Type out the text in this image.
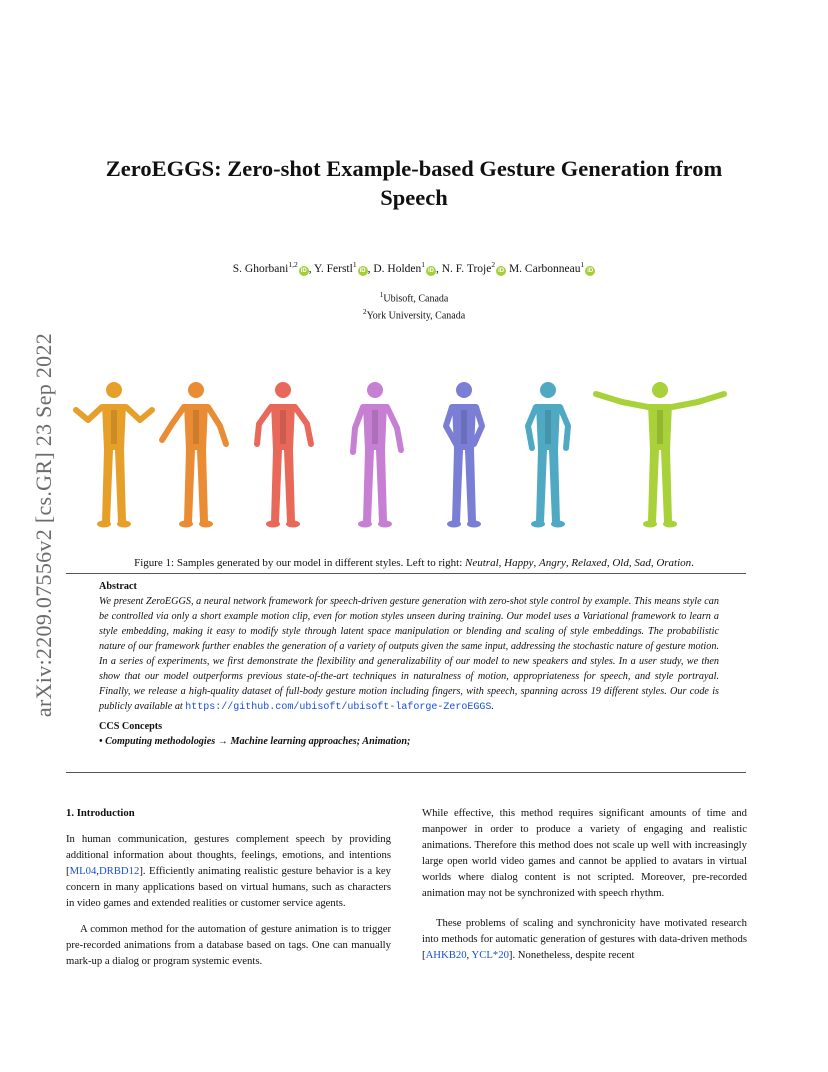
arXiv:2209.07556v2 [cs.GR] 23 Sep 2022
ZeroEGGS: Zero-shot Example-based Gesture Generation from Speech
S. Ghorbani$^{1,2}$iD , Y. Ferstl$^1$iD , D. Holden$^1$iD , N. F. Troje$^2$iD M. Carbonneau$^1$iD
$^1$Ubisoft, Canada
$^2$York University, Canada
Figure 1: Samples generated by our model in different styles. Left to right: Neutral, Happy, Angry, Relaxed, Old, Sad, Oration.
Abstract
We present ZeroEGGS, a neural network framework for speech-driven gesture generation with zero-shot style control by example. This means style can be controlled via only a short example motion clip, even for motion styles unseen during training. Our model uses a Variational framework to learn a style embedding, making it easy to modify style through latent space manipulation or blending and scaling of style embeddings. The probabilistic nature of our framework further enables the generation of a variety of outputs given the same input, addressing the stochastic nature of gesture motion. In a series of experiments, we first demonstrate the flexibility and generalizability of our model to new speakers and styles. In a user study, we then show that our model outperforms previous state-of-the-art techniques in naturalness of motion, appropriateness for speech, and style portrayal. Finally, we release a high-quality dataset of full-body gesture motion including fingers, with speech, spanning across 19 different styles. Our code is publicly available at https://github.com/ubisoft/ubisoft-laforge-ZeroEGGS.
CCS Concepts
• Computing methodologies → Machine learning approaches; Animation;
1. Introduction

In human communication, gestures complement speech by providing additional information about thoughts, feelings, emotions, and intentions [ML04,DRBD12]. Efficiently animating realistic gesture behavior is a key concern in many applications based on virtual humans, such as characters in video games and extended realities or customer service agents.

A common method for the automation of gesture animation is to trigger pre-recorded animations from a database based on tags. One can manually mark-up a dialog or program systemic events.

While effective, this method requires significant amounts of time and manpower in order to produce a variety of engaging and realistic animations. Therefore this method does not scale up well with increasingly large open world video games and cannot be applied to avatars in virtual worlds where dialog content is not scripted. Moreover, pre-recorded animation may not be synchronized with speech rhythm.

These problems of scaling and synchronicity have motivated research into methods for automatic generation of gestures with data-driven methods [AHKB20, YCL*20]. Nonetheless, despite recent
